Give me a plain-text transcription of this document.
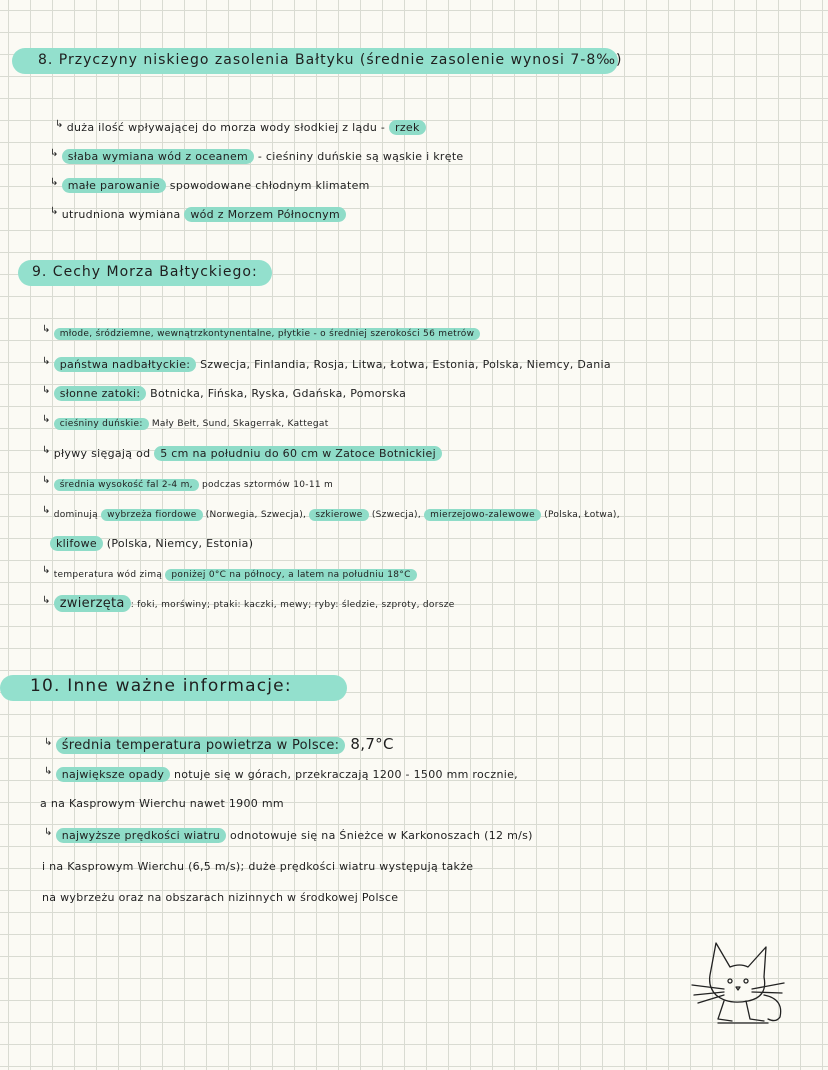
8. Przyczyny niskiego zasolenia Bałtyku (średnie zasolenie wynosi 7-8‰)
↳ duża ilość wpływającej do morza wody słodkiej z lądu - rzek
↳ słaba wymiana wód z oceanem - cieśniny duńskie są wąskie i kręte
↳ małe parowanie spowodowane chłodnym klimatem
↳ utrudniona wymiana wód z Morzem Północnym
9. Cechy Morza Bałtyckiego:
↳ młode, śródziemne, wewnątrzkontynentalne, płytkie - o średniej szerokości 56 metrów
↳ państwa nadbałtyckie: Szwecja, Finlandia, Rosja, Litwa, Łotwa, Estonia, Polska, Niemcy, Dania
↳ słonne zatoki: Botnicka, Fińska, Ryska, Gdańska, Pomorska
↳ cieśniny duńskie: Mały Bełt, Sund, Skagerrak, Kattegat
↳ pływy sięgają od 5 cm na południu do 60 cm w Zatoce Botnickiej
↳ średnia wysokość fal 2-4 m, podczas sztormów 10-11 m
↳ dominują wybrzeża fiordowe (Norwegia, Szwecja), szkierowe (Szwecja), mierzejowo-zalewowe (Polska, Łotwa),
klifowe (Polska, Niemcy, Estonia)
↳ temperatura wód zimą poniżej 0°C na północy, a latem na południu 18°C
↳ zwierzęta : foki, morświny; ptaki: kaczki, mewy; ryby: śledzie, szproty, dorsze
10. Inne ważne informacje:
↳ średnia temperatura powietrza w Polsce: 8,7°C
↳ największe opady notuje się w górach, przekraczają 1200 - 1500 mm rocznie,
a na Kasprowym Wierchu nawet 1900 mm
↳ najwyższe prędkości wiatru odnotowuje się na Śnieżce w Karkonoszach (12 m/s)
i na Kasprowym Wierchu (6,5 m/s); duże prędkości wiatru występują także
na wybrzeżu oraz na obszarach nizinnych w środkowej Polsce
